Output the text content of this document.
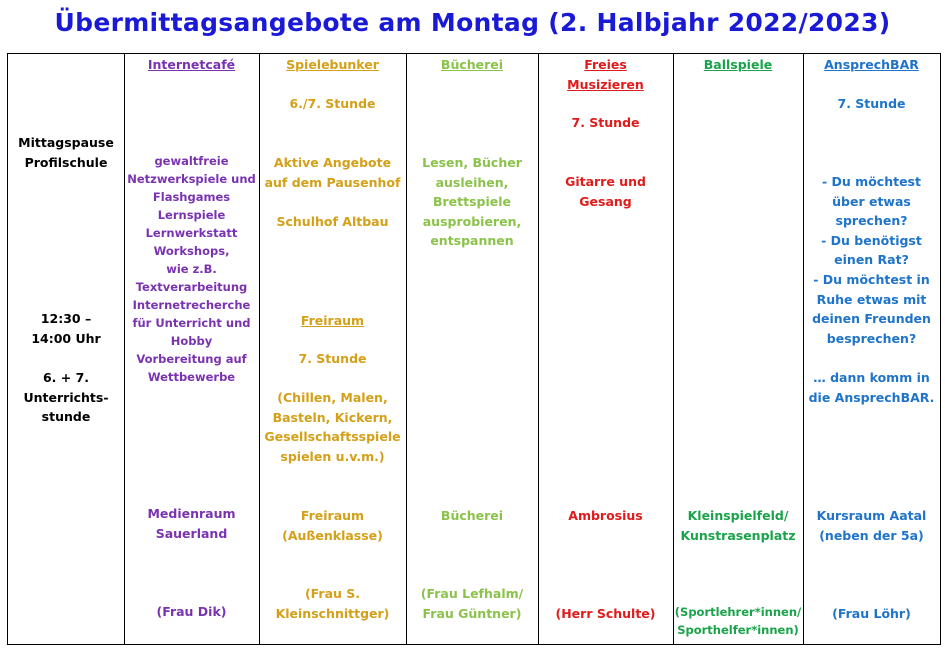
Übermittagsangebote am Montag (2. Halbjahr 2022/2023)
Mittagspause
Profilschule
12:30 –
14:00 Uhr
6. + 7.
Unterrichts-
stunde
Internetcafé
gewaltfreie
Netzwerkspiele und
Flashgames
Lernspiele
Lernwerkstatt
Workshops,
wie z.B.
Textverarbeitung
Internetrecherche
für Unterricht und
Hobby
Vorbereitung auf
Wettbewerbe
Medienraum
Sauerland
(Frau Dik)
Spielebunker
6./7. Stunde
Aktive Angebote
auf dem Pausenhof

Schulhof Altbau
Freiraum
7. Stunde
(Chillen, Malen,
Basteln, Kickern,
Gesellschaftsspiele
spielen u.v.m.)
Freiraum
(Außenklasse)
(Frau S.
Kleinschnittger)
Bücherei
Lesen, Bücher
ausleihen,
Brettspiele
ausprobieren,
entspannen
Bücherei
(Frau Lefhalm/
Frau Güntner)
Freies
Musizieren
7. Stunde
Gitarre und
Gesang
Ambrosius
(Herr Schulte)
Ballspiele
Kleinspielfeld/
Kunstrasenplatz
(Sportlehrer*innen/
Sporthelfer*innen)
AnsprechBAR
7. Stunde
- Du möchtest
über etwas
sprechen?
- Du benötigst
einen Rat?
- Du möchtest in
Ruhe etwas mit
deinen Freunden
besprechen?

… dann komm in
die AnsprechBAR.
Kursraum Aatal
(neben der 5a)
(Frau Löhr)
